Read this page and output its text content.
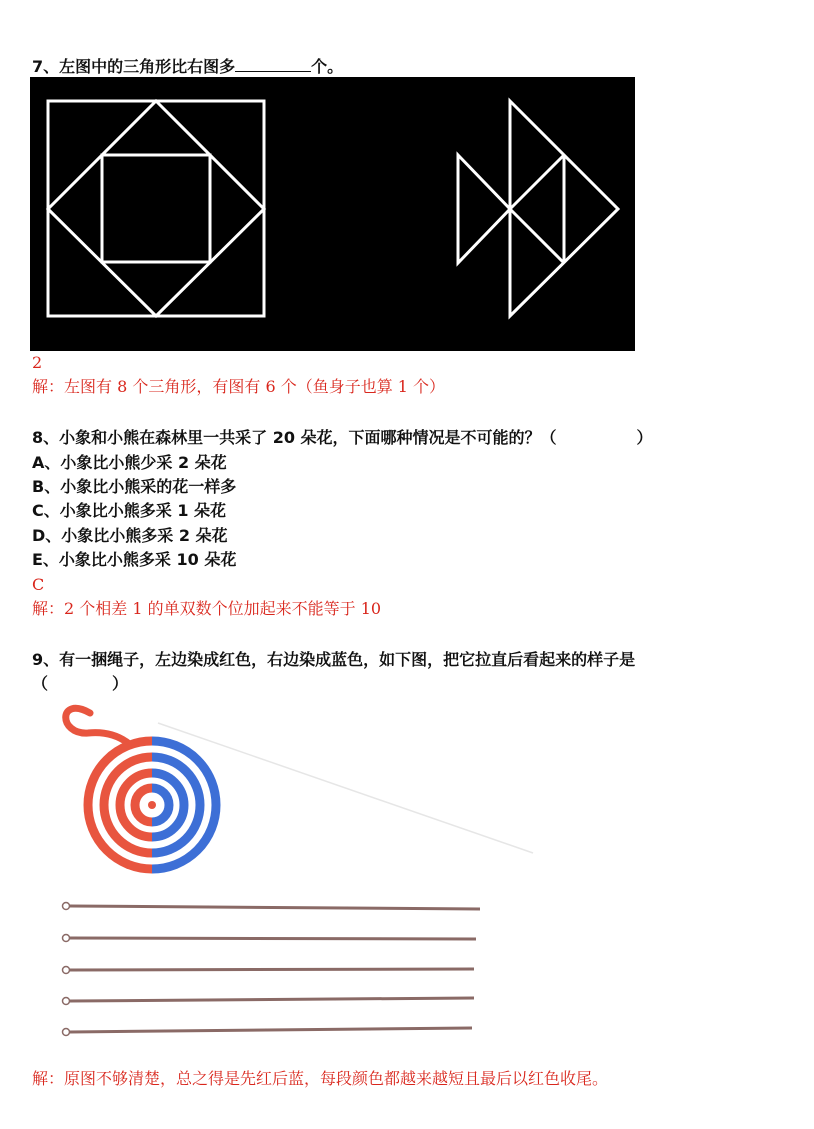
7、左图中的三角形比右图多	个。
2
解：左图有 8 个三角形，有图有 6 个（鱼身子也算 1 个）
8、小象和小熊在森林里一共采了 20 朵花，下面哪种情况是不可能的？（　　　　　）
A、小象比小熊少采 2 朵花
B、小象比小熊采的花一样多
C、小象比小熊多采 1 朵花
D、小象比小熊多采 2 朵花
E、小象比小熊多采 10 朵花
C
解：2 个相差 1 的单双数个位加起来不能等于 10
9、有一捆绳子，左边染成红色，右边染成蓝色，如下图，把它拉直后看起来的样子是
（　　　　）
解：原图不够清楚，总之得是先红后蓝，每段颜色都越来越短且最后以红色收尾。
